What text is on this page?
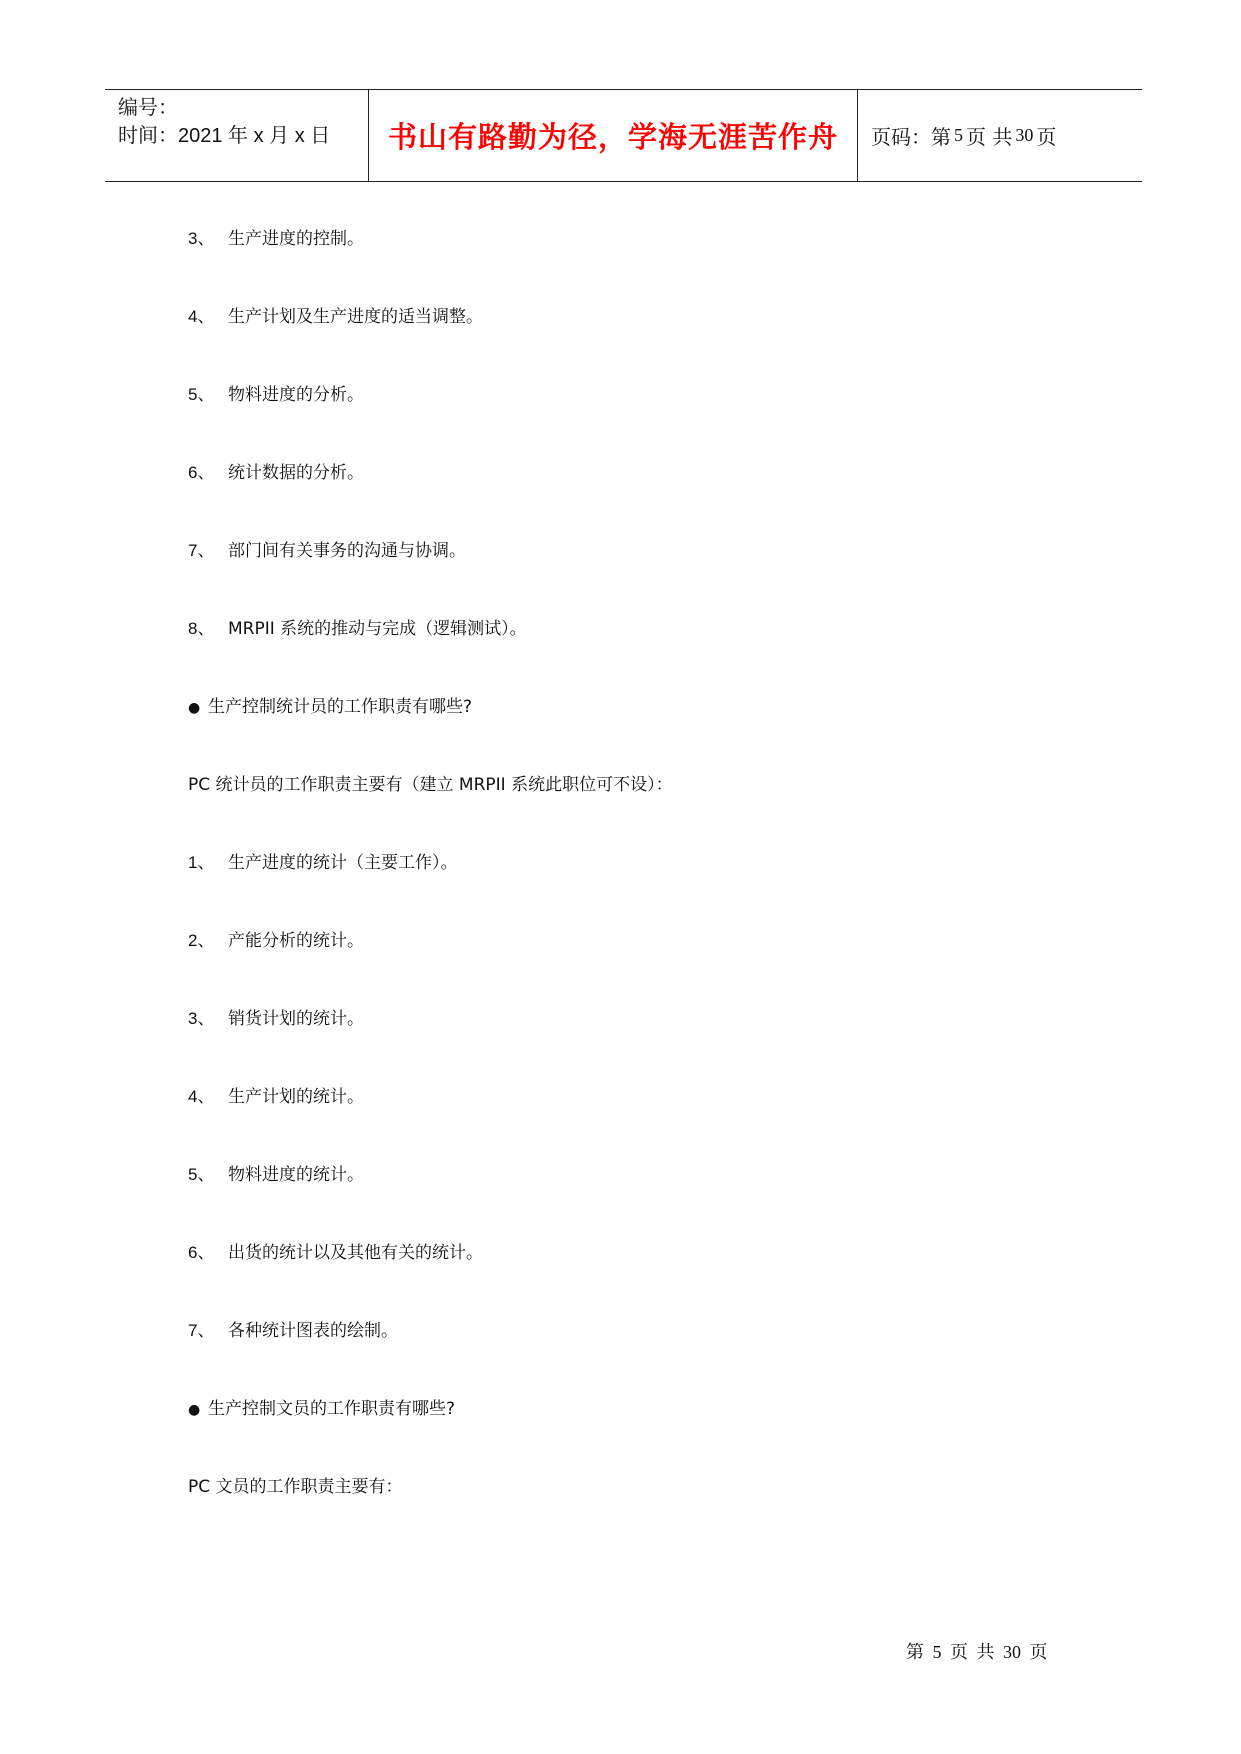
编号：
时间：2021 年 x 月 x 日	书山有路勤为径，学海无涯苦作舟	页码：第 5 页 共 30 页
3、 生产进度的控制。
4、 生产计划及生产进度的适当调整。
5、 物料进度的分析。
6、 统计数据的分析。
7、 部门间有关事务的沟通与协调。
8、 MRPII 系统的推动与完成（逻辑测试）。
● 生产控制统计员的工作职责有哪些?
PC 统计员的工作职责主要有（建立 MRPII 系统此职位可不设）：
1、 生产进度的统计（主要工作）。
2、 产能分析的统计。
3、 销货计划的统计。
4、 生产计划的统计。
5、 物料进度的统计。
6、 出货的统计以及其他有关的统计。
7、 各种统计图表的绘制。
● 生产控制文员的工作职责有哪些?
PC 文员的工作职责主要有：
第 5 页 共 30 页
